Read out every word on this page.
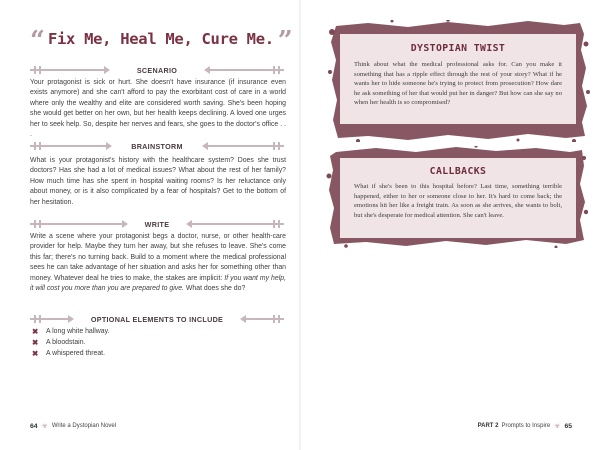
“ Fix Me, Heal Me, Cure Me. ”
SCENARIO

Your protagonist is sick or hurt. She doesn't have insurance (if insurance even exists anymore) and she can't afford to pay the exorbitant cost of care in a world where only the wealthy and elite are considered worth saving. She's been hoping she would get better on her own, but her health keeps declining. A loved one urges her to seek help. So, despite her nerves and fears, she goes to the doctor's office . . .

BRAINSTORM

What is your protagonist's history with the healthcare system? Does she trust doctors? Has she had a lot of medical issues? What about the rest of her family? How much time has she spent in hospital waiting rooms? Is her reluctance only about money, or is it also complicated by a fear of hospitals? Get to the bottom of her hesitation.

WRITE

Write a scene where your protagonist begs a doctor, nurse, or other health-care provider for help. Maybe they turn her away, but she refuses to leave. She's come this far; there's no turning back. Build to a moment where the medical professional sees he can take advantage of her situation and asks her for something other than money. Whatever deal he tries to make, the stakes are implicit: If you want my help, it will cost you more than you are prepared to give. What does she do?

OPTIONAL ELEMENTS TO INCLUDE
✖	A long white hallway.
✖	A bloodstain.
✖	A whispered threat.
64 ☣ Write a Dystopian Novel
DYSTOPIAN TWIST

Think about what the medical professional asks for. Can you make it something that has a ripple effect through the rest of your story? What if he wants her to hide someone he's trying to protect from prosecution? How dare he ask something of her that would put her in danger? But how can she say no when her health is so compromised?

CALLBACKS

What if she's been to this hospital before? Last time, something terrible happened, either to her or someone close to her. It's hard to come back; the emotions hit her like a freight train. As soon as she arrives, she wants to bolt, but she's desperate for medical attention. She can't leave.

PART 2 Prompts to Inspire ☣ 65
